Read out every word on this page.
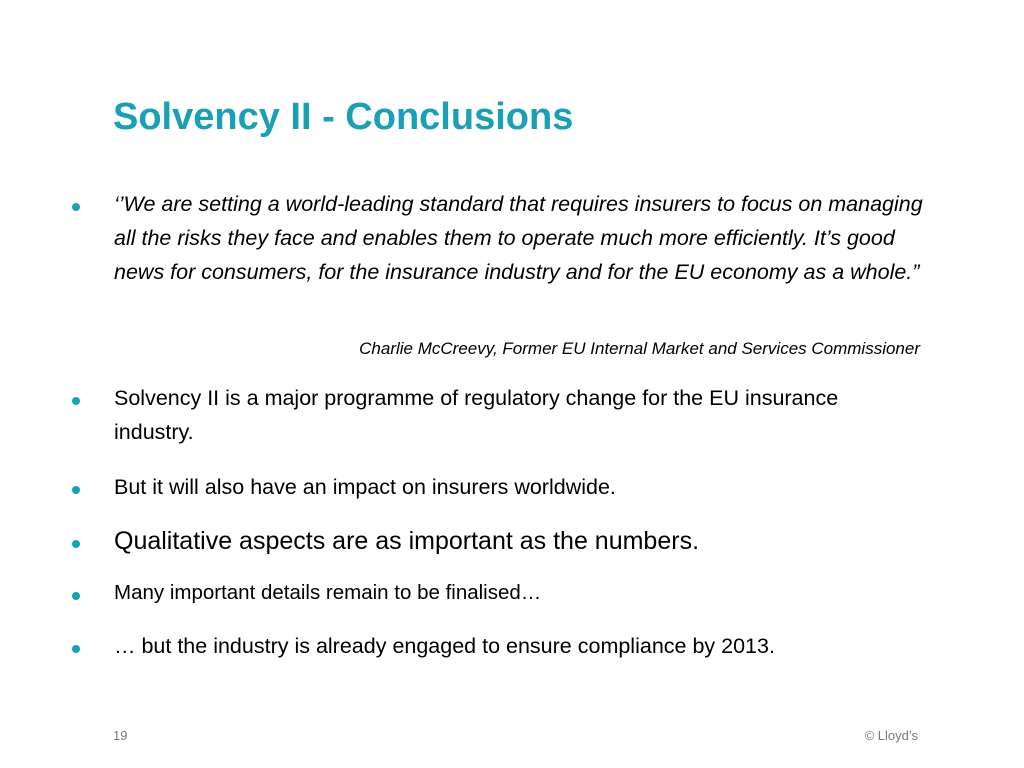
Solvency II - Conclusions

‘’We are setting a world-leading standard that requires insurers to focus on managing all the risks they face and enables them to operate much more efficiently. It’s good news for consumers, for the insurance industry and for the EU economy as a whole.”

Charlie McCreevy, Former EU Internal Market and Services Commissioner

Solvency II is a major programme of regulatory change for the EU insurance industry.

But it will also have an impact on insurers worldwide.

Qualitative aspects are as important as the numbers.

Many important details remain to be finalised…

… but the industry is already engaged to ensure compliance by 2013.

19	© Lloyd’s
